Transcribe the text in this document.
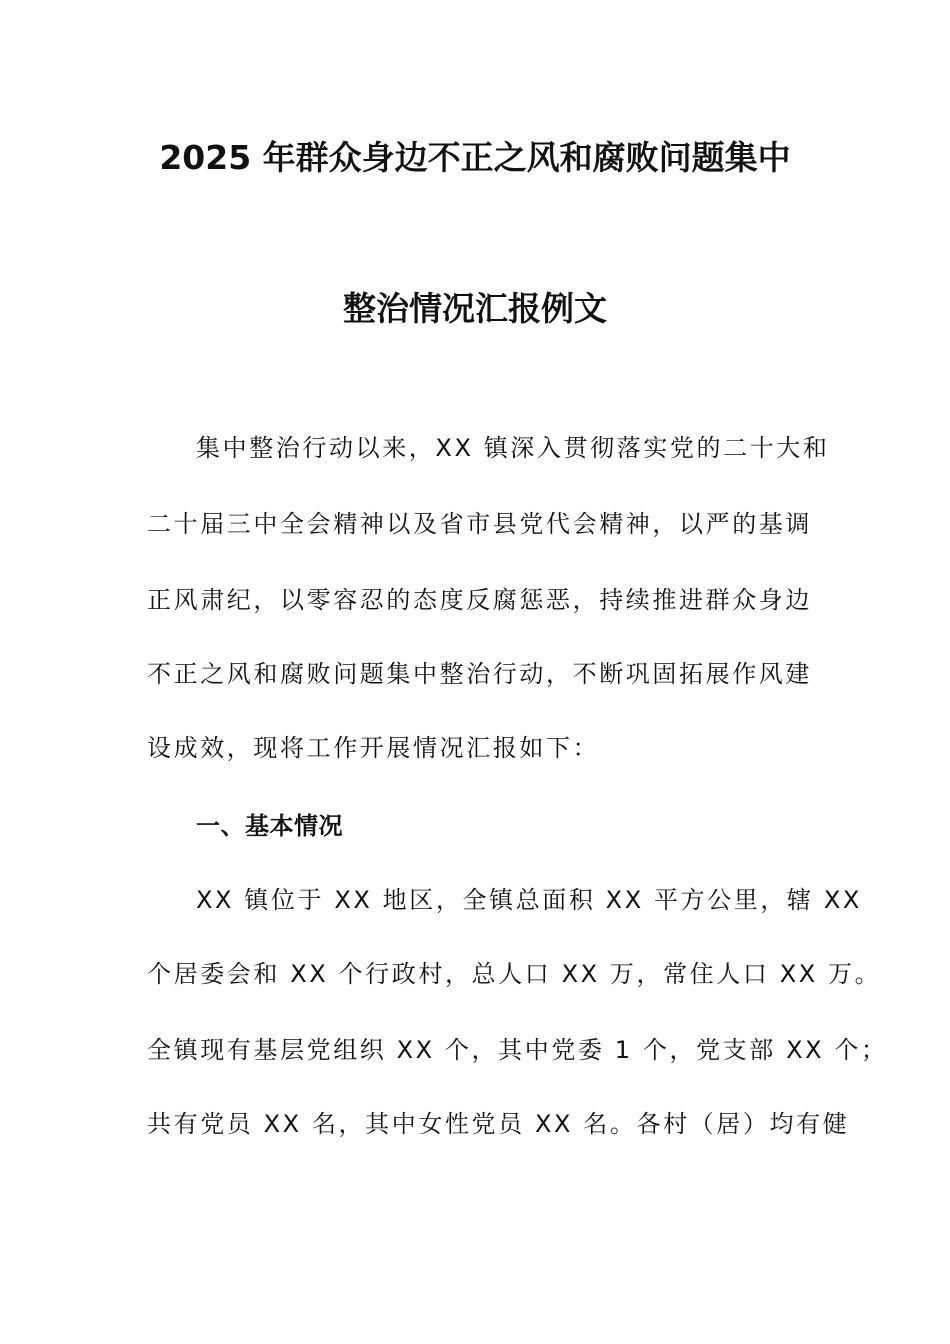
2025 年群众身边不正之风和腐败问题集中
整治情况汇报例文
集中整治行动以来，XX 镇深入贯彻落实党的二十大和
二十届三中全会精神以及省市县党代会精神，以严的基调
正风肃纪，以零容忍的态度反腐惩恶，持续推进群众身边
不正之风和腐败问题集中整治行动，不断巩固拓展作风建
设成效，现将工作开展情况汇报如下：
一、基本情况
XX 镇位于 XX 地区，全镇总面积 XX 平方公里，辖 XX
个居委会和 XX 个行政村，总人口 XX 万，常住人口 XX 万。
全镇现有基层党组织 XX 个，其中党委 1 个，党支部 XX 个；
共有党员 XX 名，其中女性党员 XX 名。各村（居）均有健
